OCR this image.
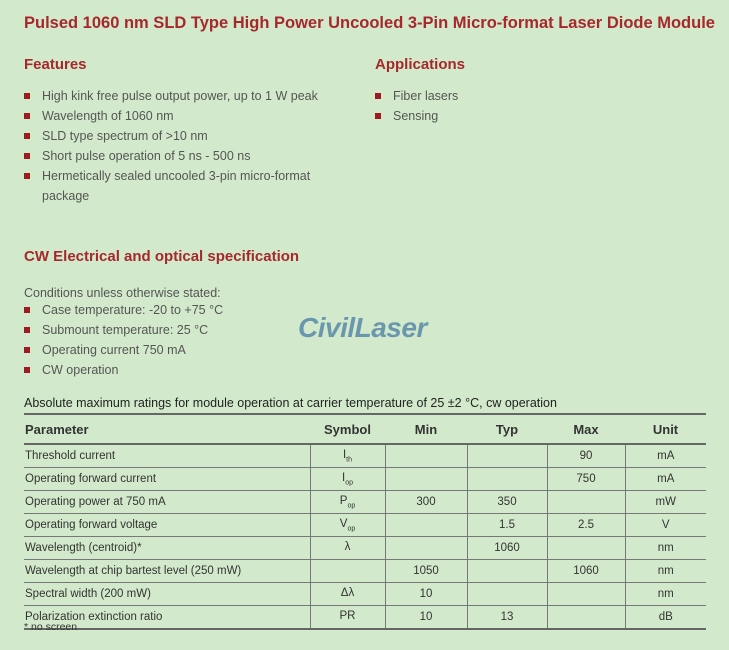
Pulsed 1060 nm SLD Type High Power Uncooled 3-Pin Micro-format Laser Diode Module
Features
High kink free pulse output power, up to 1 W peak
Wavelength of 1060 nm
SLD type spectrum of >10 nm
Short pulse operation of 5 ns - 500 ns
Hermetically sealed uncooled 3-pin micro-format package
Applications
Fiber lasers
Sensing
CW Electrical and optical specification
Conditions unless otherwise stated:
Case temperature: -20 to +75 °C
Submount temperature: 25 °C
Operating current 750 mA
CW operation
CivilLaser
Absolute maximum ratings for module operation at carrier temperature of 25 ±2 °C, cw operation
Parameter	Symbol	Min	Typ	Max	Unit
Threshold current	$I_{th}$			90	mA
Operating forward current	$I_{op}$			750	mA
Operating power at 750 mA	$P_{op}$	300	350		mW
Operating forward voltage	$V_{op}$		1.5	2.5	V
Wavelength (centroid)*	λ		1060		nm
Wavelength at chip bartest level (250 mW)		1050		1060	nm
Spectral width (200 mW)	Δλ	10			nm
Polarization extinction ratio	PR	10	13		dB
* no screen
